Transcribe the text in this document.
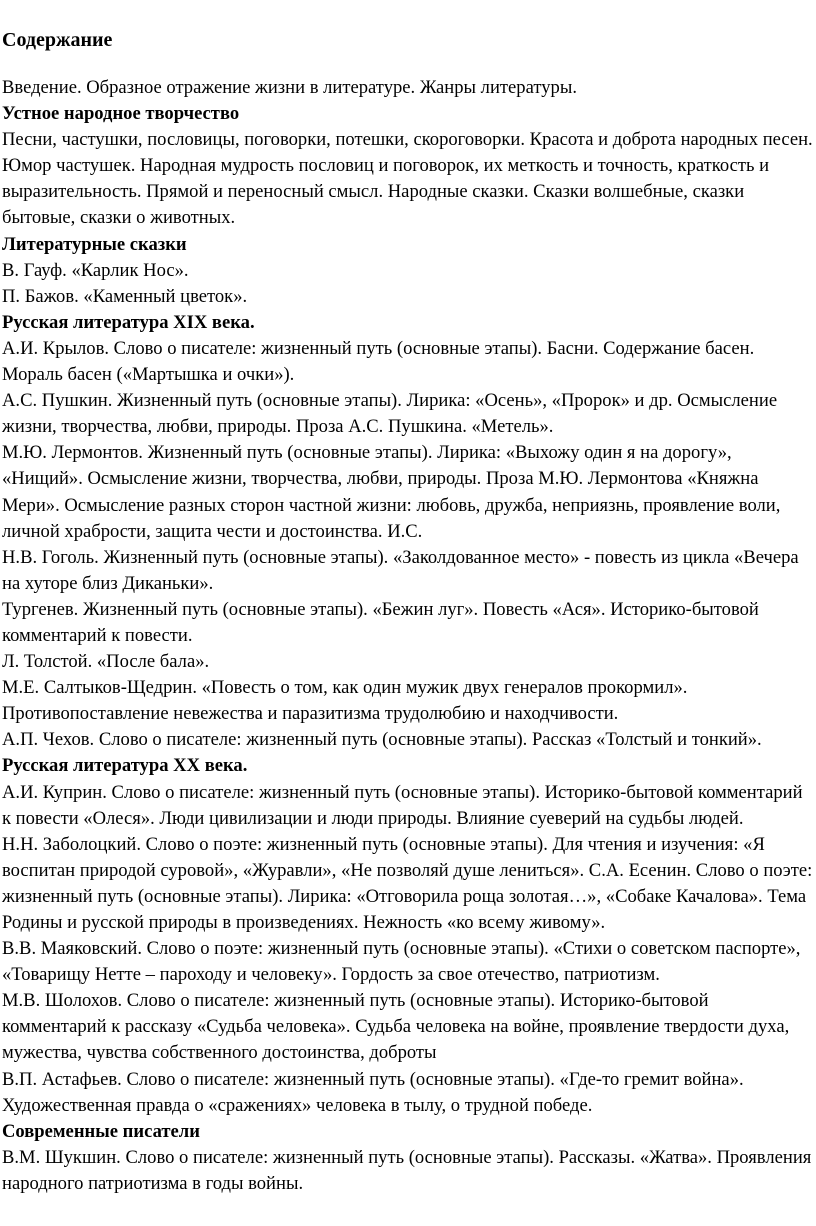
Содержание

Введение. Образное отражение жизни в литературе. Жанры литературы.

Устное народное творчество

Песни, частушки, пословицы, поговорки, потешки, скороговорки. Красота и доброта народных песен. Юмор частушек. Народная мудрость пословиц и поговорок, их меткость и точность, краткость и выразительность. Прямой и переносный смысл. Народные сказки. Сказки волшебные, сказки бытовые, сказки о животных.

Литературные сказки

В. Гауф. «Карлик Нос».

П. Бажов. «Каменный цветок».

Русская литература XIX века.

А.И. Крылов. Слово о писателе: жизненный путь (основные этапы). Басни. Содержание басен. Мораль басен («Мартышка и очки»).

А.С. Пушкин. Жизненный путь (основные этапы). Лирика: «Осень», «Пророк» и др. Осмысление жизни, творчества, любви, природы. Проза А.С. Пушкина. «Метель».

М.Ю. Лермонтов. Жизненный путь (основные этапы). Лирика: «Выхожу один я на дорогу», «Нищий». Осмысление жизни, творчества, любви, природы. Проза М.Ю. Лермонтова «Княжна Мери». Осмысление разных сторон частной жизни: любовь, дружба, неприязнь, проявление воли, личной храбрости, защита чести и достоинства. И.С.

Н.В. Гоголь. Жизненный путь (основные этапы). «Заколдованное место» - повесть из цикла «Вечера на хуторе близ Диканьки».

Тургенев. Жизненный путь (основные этапы). «Бежин луг». Повесть «Ася». Историко-бытовой комментарий к повести.

Л. Толстой. «После бала».

М.Е. Салтыков-Щедрин. «Повесть о том, как один мужик двух генералов прокормил». Противопоставление невежества и паразитизма трудолюбию и находчивости.

А.П. Чехов. Слово о писателе: жизненный путь (основные этапы). Рассказ «Толстый и тонкий».

Русская литература XX века.

А.И. Куприн. Слово о писателе: жизненный путь (основные этапы). Историко-бытовой комментарий к повести «Олеся». Люди цивилизации и люди природы. Влияние суеверий на судьбы людей.

Н.Н. Заболоцкий. Слово о поэте: жизненный путь (основные этапы). Для чтения и изучения: «Я воспитан природой суровой», «Журавли», «Не позволяй душе лениться». С.А. Есенин. Слово о поэте: жизненный путь (основные этапы). Лирика: «Отговорила роща золотая…», «Собаке Качалова». Тема Родины и русской природы в произведениях. Нежность «ко всему живому».

В.В. Маяковский. Слово о поэте: жизненный путь (основные этапы). «Стихи о советском паспорте», «Товарищу Нетте – пароходу и человеку». Гордость за свое отечество, патриотизм.

М.В. Шолохов. Слово о писателе: жизненный путь (основные этапы). Историко-бытовой комментарий к рассказу «Судьба человека». Судьба человека на войне, проявление твердости духа, мужества, чувства собственного достоинства, доброты

В.П. Астафьев. Слово о писателе: жизненный путь (основные этапы). «Где-то гремит война». Художественная правда о «сражениях» человека в тылу, о трудной победе.

Современные писатели

В.М. Шукшин. Слово о писателе: жизненный путь (основные этапы). Рассказы. «Жатва». Проявления народного патриотизма в годы войны.
